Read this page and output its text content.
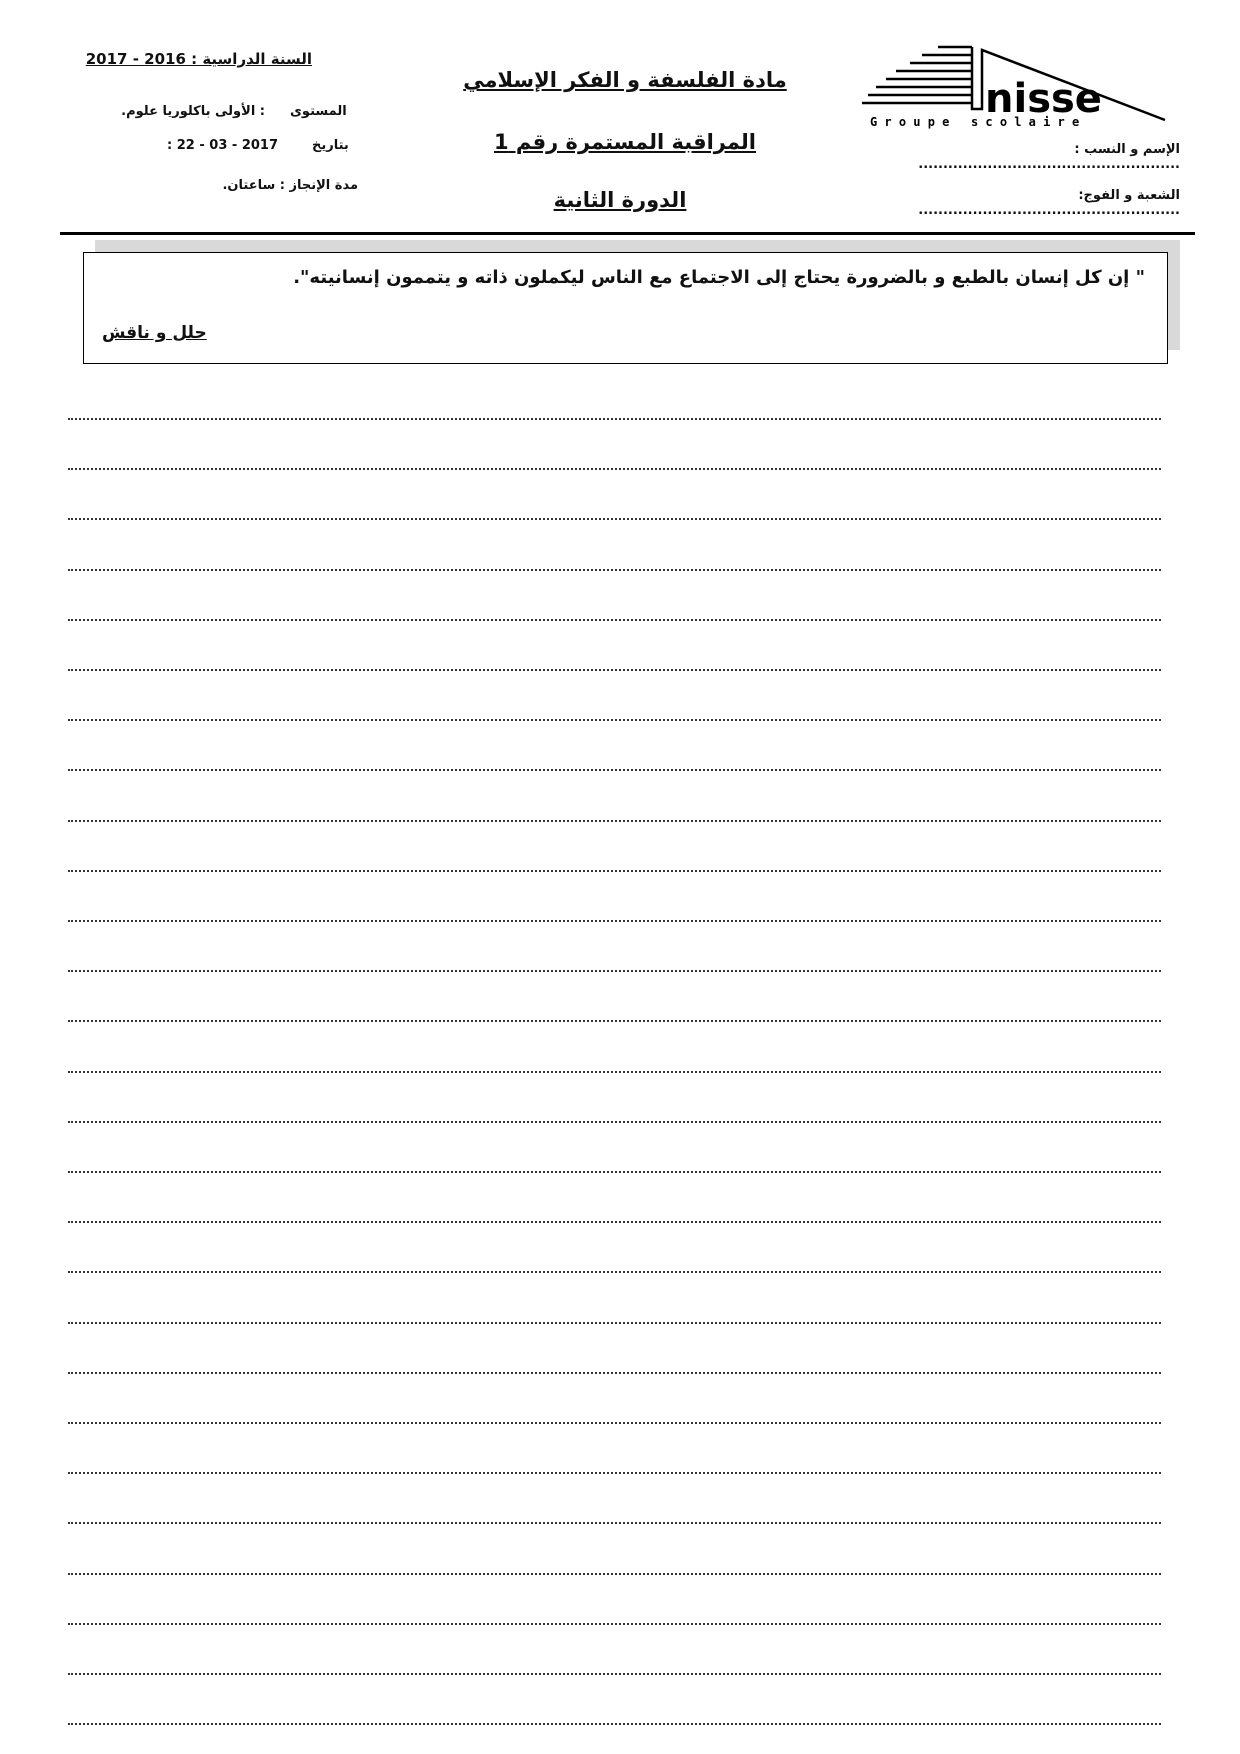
السنة الدراسية : 2016 - 2017
المستوى
: الأولى باكلوريا علوم.
بتاريخ
: 22 - 03 - 2017
مدة الإنجاز : ساعتان.
مادة الفلسفة و الفكر الإسلامي
المراقبة المستمرة رقم 1
الدورة الثانية
nisse
Groupe scolaire
الإسم و النسب : .....................................................
الشعبة و الفوج: .....................................................
" إن كل إنسان بالطبع و بالضرورة يحتاج إلى الاجتماع مع الناس ليكملون ذاته و يتممون إنسانيته".
حلل و ناقش
